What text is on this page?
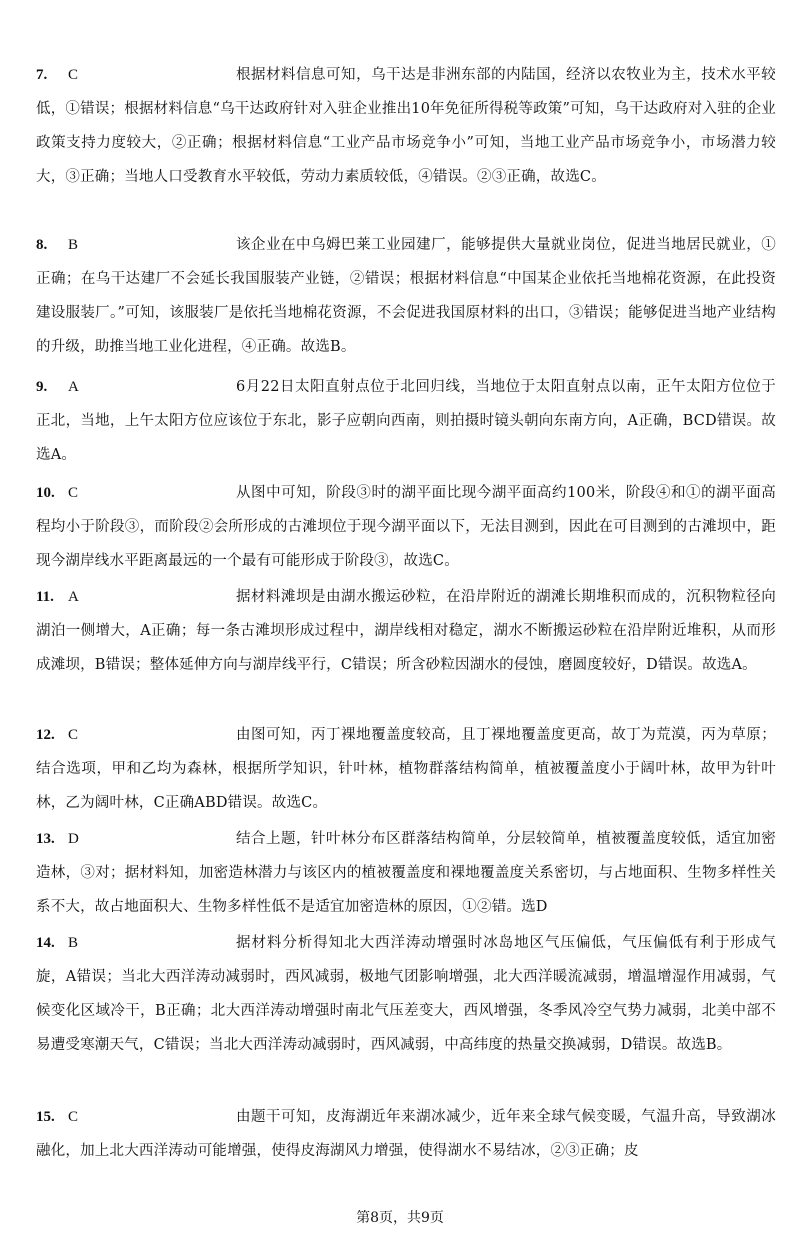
7. C	根据材料信息可知，乌干达是非洲东部的内陆国，经济以农牧业为主，技术水平较低，①错误；根据材料信息“乌干达政府针对入驻企业推出10年免征所得税等政策”可知，乌干达政府对入驻的企业政策支持力度较大，②正确；根据材料信息“工业产品市场竞争小”可知，当地工业产品市场竞争小，市场潜力较大，③正确；当地人口受教育水平较低，劳动力素质较低，④错误。②③正确，故选C。

8. B	该企业在中乌姆巴莱工业园建厂，能够提供大量就业岗位，促进当地居民就业，①正确；在乌干达建厂不会延长我国服装产业链，②错误；根据材料信息“中国某企业依托当地棉花资源，在此投资建设服装厂。”可知，该服装厂是依托当地棉花资源，不会促进我国原材料的出口，③错误；能够促进当地产业结构的升级，助推当地工业化进程，④正确。故选B。

9. A	6月22日太阳直射点位于北回归线，当地位于太阳直射点以南，正午太阳方位位于正北，当地，上午太阳方位应该位于东北，影子应朝向西南，则拍摄时镜头朝向东南方向，A正确，BCD错误。故选A。

10. C	从图中可知，阶段③时的湖平面比现今湖平面高约100米，阶段④和①的湖平面高程均小于阶段③，而阶段②会所形成的古滩坝位于现今湖平面以下，无法目测到，因此在可目测到的古滩坝中，距现今湖岸线水平距离最远的一个最有可能形成于阶段③，故选C。

11. A	据材料滩坝是由湖水搬运砂粒，在沿岸附近的湖滩长期堆积而成的，沉积物粒径向湖泊一侧增大，A正确；每一条古滩坝形成过程中，湖岸线相对稳定，湖水不断搬运砂粒在沿岸附近堆积，从而形成滩坝，B错误；整体延伸方向与湖岸线平行，C错误；所含砂粒因湖水的侵蚀，磨圆度较好，D错误。故选A。

12. C	由图可知，丙丁裸地覆盖度较高，且丁裸地覆盖度更高，故丁为荒漠，丙为草原；结合选项，甲和乙均为森林，根据所学知识，针叶林，植物群落结构简单，植被覆盖度小于阔叶林，故甲为针叶林，乙为阔叶林，C正确ABD错误。故选C。

13. D	结合上题，针叶林分布区群落结构简单，分层较简单，植被覆盖度较低，适宜加密造林，③对；据材料知，加密造林潜力与该区内的植被覆盖度和裸地覆盖度关系密切，与占地面积、生物多样性关系不大，故占地面积大、生物多样性低不是适宜加密造林的原因，①②错。选D

14. B	据材料分析得知北大西洋涛动增强时冰岛地区气压偏低，气压偏低有利于形成气旋，A错误；当北大西洋涛动减弱时，西风减弱，极地气团影响增强，北大西洋暖流减弱，增温增湿作用减弱，气候变化区域冷干，B正确；北大西洋涛动增强时南北气压差变大，西风增强，冬季风冷空气势力减弱，北美中部不易遭受寒潮天气，C错误；当北大西洋涛动减弱时，西风减弱，中高纬度的热量交换减弱，D错误。故选B。

15. C	由题干可知，皮海湖近年来湖冰减少，近年来全球气候变暖，气温升高，导致湖冰融化，加上北大西洋涛动可能增强，使得皮海湖风力增强，使得湖水不易结冰，②③正确；皮

第8页，共9页
